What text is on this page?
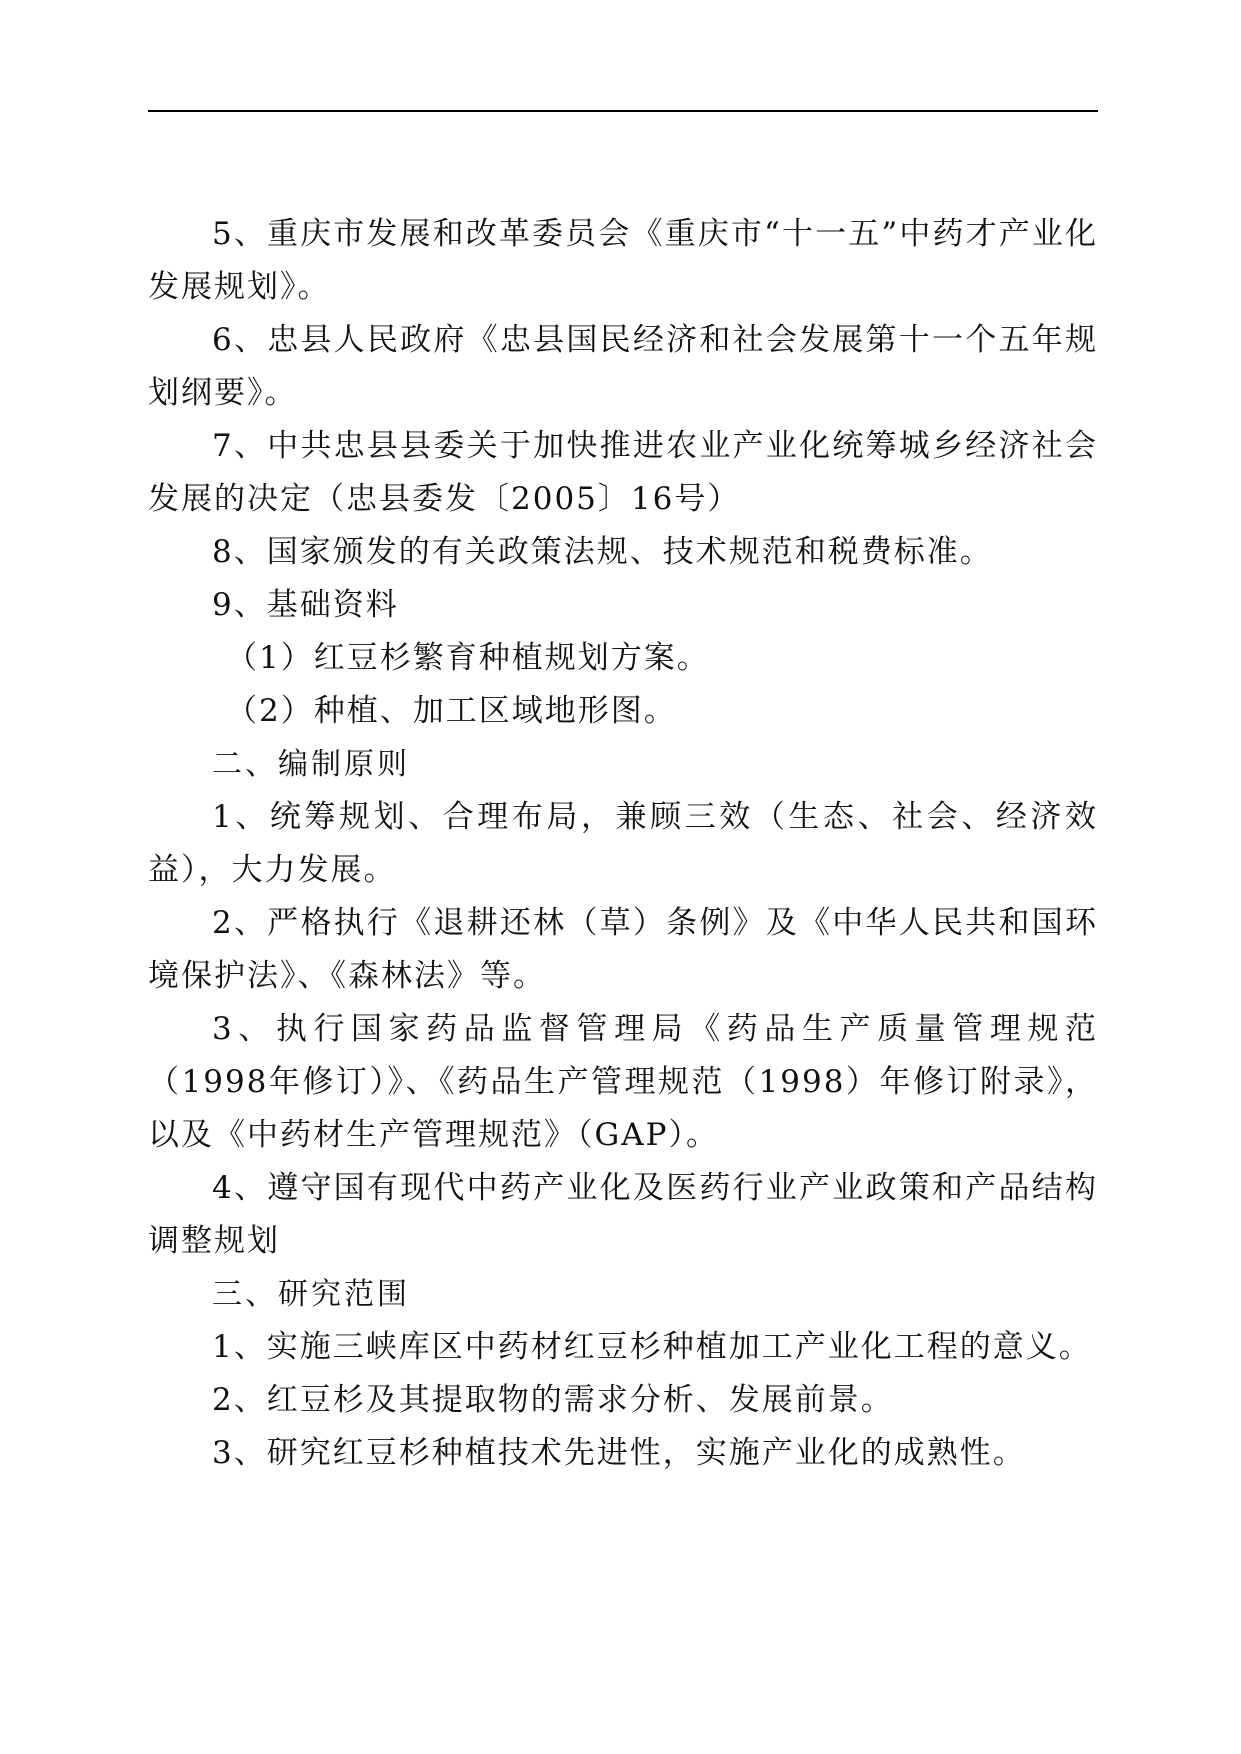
5、重庆市发展和改革委员会《重庆市“十一五”中药才产业化发展规划》。

6、忠县人民政府《忠县国民经济和社会发展第十一个五年规划纲要》。

7、中共忠县县委关于加快推进农业产业化统筹城乡经济社会发展的决定（忠县委发〔2005〕16号）

8、国家颁发的有关政策法规、技术规范和税费标准。

9、基础资料

（1）红豆杉繁育种植规划方案。

（2）种植、加工区域地形图。

二、编制原则

1、统筹规划、合理布局，兼顾三效（生态、社会、经济效益），大力发展。

2、严格执行《退耕还林（草）条例》及《中华人民共和国环境保护法》、《森林法》等。

3、执行国家药品监督管理局《药品生产质量管理规范（1998年修订）》、《药品生产管理规范（1998）年修订附录》，以及《中药材生产管理规范》（GAP）。

4、遵守国有现代中药产业化及医药行业产业政策和产品结构调整规划

三、研究范围

1、实施三峡库区中药材红豆杉种植加工产业化工程的意义。

2、红豆杉及其提取物的需求分析、发展前景。

3、研究红豆杉种植技术先进性，实施产业化的成熟性。
